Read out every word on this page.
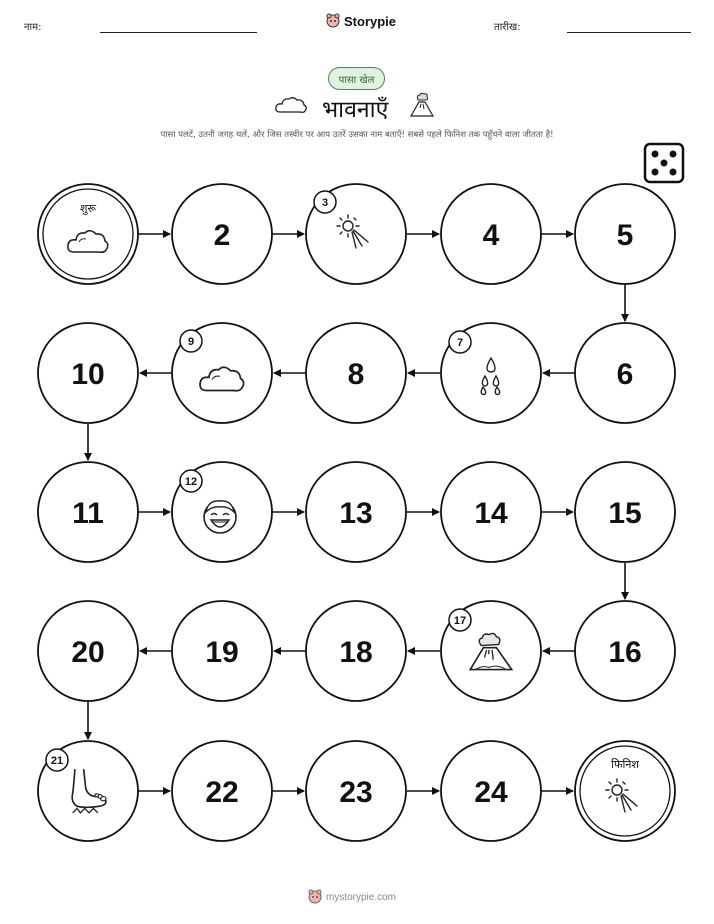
नाम:	Storypie	तारीख:
पासा खेल
भावनाएँ
पासा पलटें, उतनी जगह चलें, और जिस तस्वीर पर आप उतरें उसका नाम बताएँ! सबसे पहले फिनिश तक पहुँचने वाला जीतता है!
शुरू
2
3
4	5
10
9
8
7
6
11
12
13	14	15
20	19	18
17
16
21
22	23	24
फिनिश
mystorypie.com
